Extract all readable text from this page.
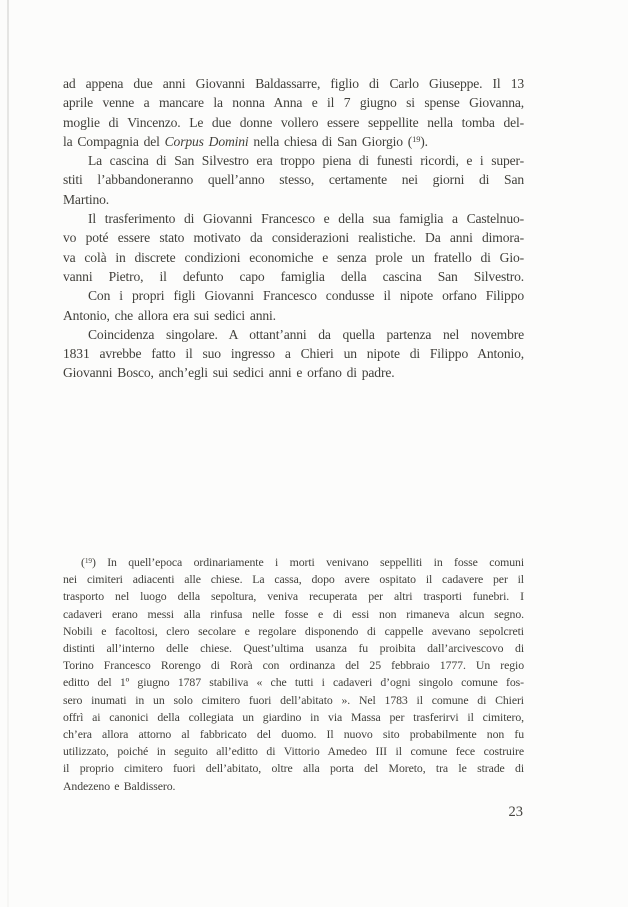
ad appena due anni Giovanni Baldassarre, figlio di Carlo Giuseppe. Il 13
aprile venne a mancare la nonna Anna e il 7 giugno si spense Giovanna,
moglie di Vincenzo. Le due donne vollero essere seppellite nella tomba del-
la Compagnia del Corpus Domini nella chiesa di San Giorgio ($^{19}$).
La cascina di San Silvestro era troppo piena di funesti ricordi, e i super-
stiti l’abbandoneranno quell’anno stesso, certamente nei giorni di San
Martino.
Il trasferimento di Giovanni Francesco e della sua famiglia a Castelnuo-
vo poté essere stato motivato da considerazioni realistiche. Da anni dimora-
va colà in discrete condizioni economiche e senza prole un fratello di Gio-
vanni Pietro, il defunto capo famiglia della cascina San Silvestro.
Con i propri figli Giovanni Francesco condusse il nipote orfano Filippo
Antonio, che allora era sui sedici anni.
Coincidenza singolare. A ottant’anni da quella partenza nel novembre
1831 avrebbe fatto il suo ingresso a Chieri un nipote di Filippo Antonio,
Giovanni Bosco, anch’egli sui sedici anni e orfano di padre.
($^{19}$) In quell’epoca ordinariamente i morti venivano seppelliti in fosse comuni
nei cimiteri adiacenti alle chiese. La cassa, dopo avere ospitato il cadavere per il
trasporto nel luogo della sepoltura, veniva recuperata per altri trasporti funebri. I
cadaveri erano messi alla rinfusa nelle fosse e di essi non rimaneva alcun segno.
Nobili e facoltosi, clero secolare e regolare disponendo di cappelle avevano sepolcreti
distinti all’interno delle chiese. Quest’ultima usanza fu proibita dall’arcivescovo di
Torino Francesco Rorengo di Rorà con ordinanza del 25 febbraio 1777. Un regio
editto del 1º giugno 1787 stabiliva « che tutti i cadaveri d’ogni singolo comune fos-
sero inumati in un solo cimitero fuori dell’abitato ». Nel 1783 il comune di Chieri
offrì ai canonici della collegiata un giardino in via Massa per trasferirvi il cimitero,
ch’era allora attorno al fabbricato del duomo. Il nuovo sito probabilmente non fu
utilizzato, poiché in seguito all’editto di Vittorio Amedeo III il comune fece costruire
il proprio cimitero fuori dell’abitato, oltre alla porta del Moreto, tra le strade di
Andezeno e Baldissero.
23
